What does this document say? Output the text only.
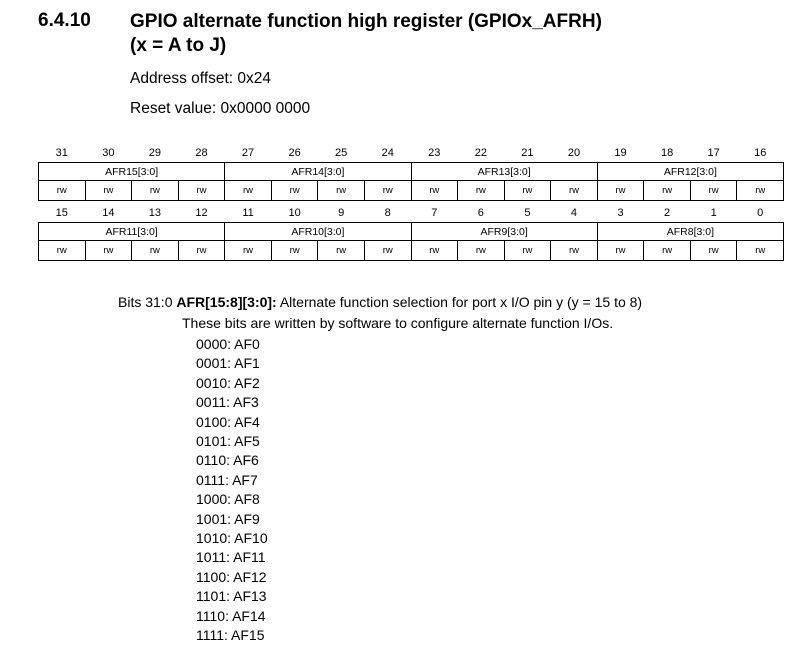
6.4.10 GPIO alternate function high register (GPIOx_AFRH)
(x = A to J)
Address offset: 0x24
Reset value: 0x0000 0000
31	30	29	28	27	26	25	24	23	22	21	20	19	18	17	16
AFR15[3:0]				AFR14[3:0]				AFR13[3:0]				AFR12[3:0]			
rw	rw	rw	rw	rw	rw	rw	rw	rw	rw	rw	rw	rw	rw	rw	rw
15	14	13	12	11	10	9	8	7	6	5	4	3	2	1	0
AFR11[3:0]				AFR10[3:0]				AFR9[3:0]				AFR8[3:0]			
rw	rw	rw	rw	rw	rw	rw	rw	rw	rw	rw	rw	rw	rw	rw	rw
Bits 31:0 AFR[15:8][3:0]: Alternate function selection for port x I/O pin y (y = 15 to 8)
These bits are written by software to configure alternate function I/Os.
0000: AF0
0001: AF1
0010: AF2
0011: AF3
0100: AF4
0101: AF5
0110: AF6
0111: AF7
1000: AF8
1001: AF9
1010: AF10
1011: AF11
1100: AF12
1101: AF13
1110: AF14
1111: AF15
